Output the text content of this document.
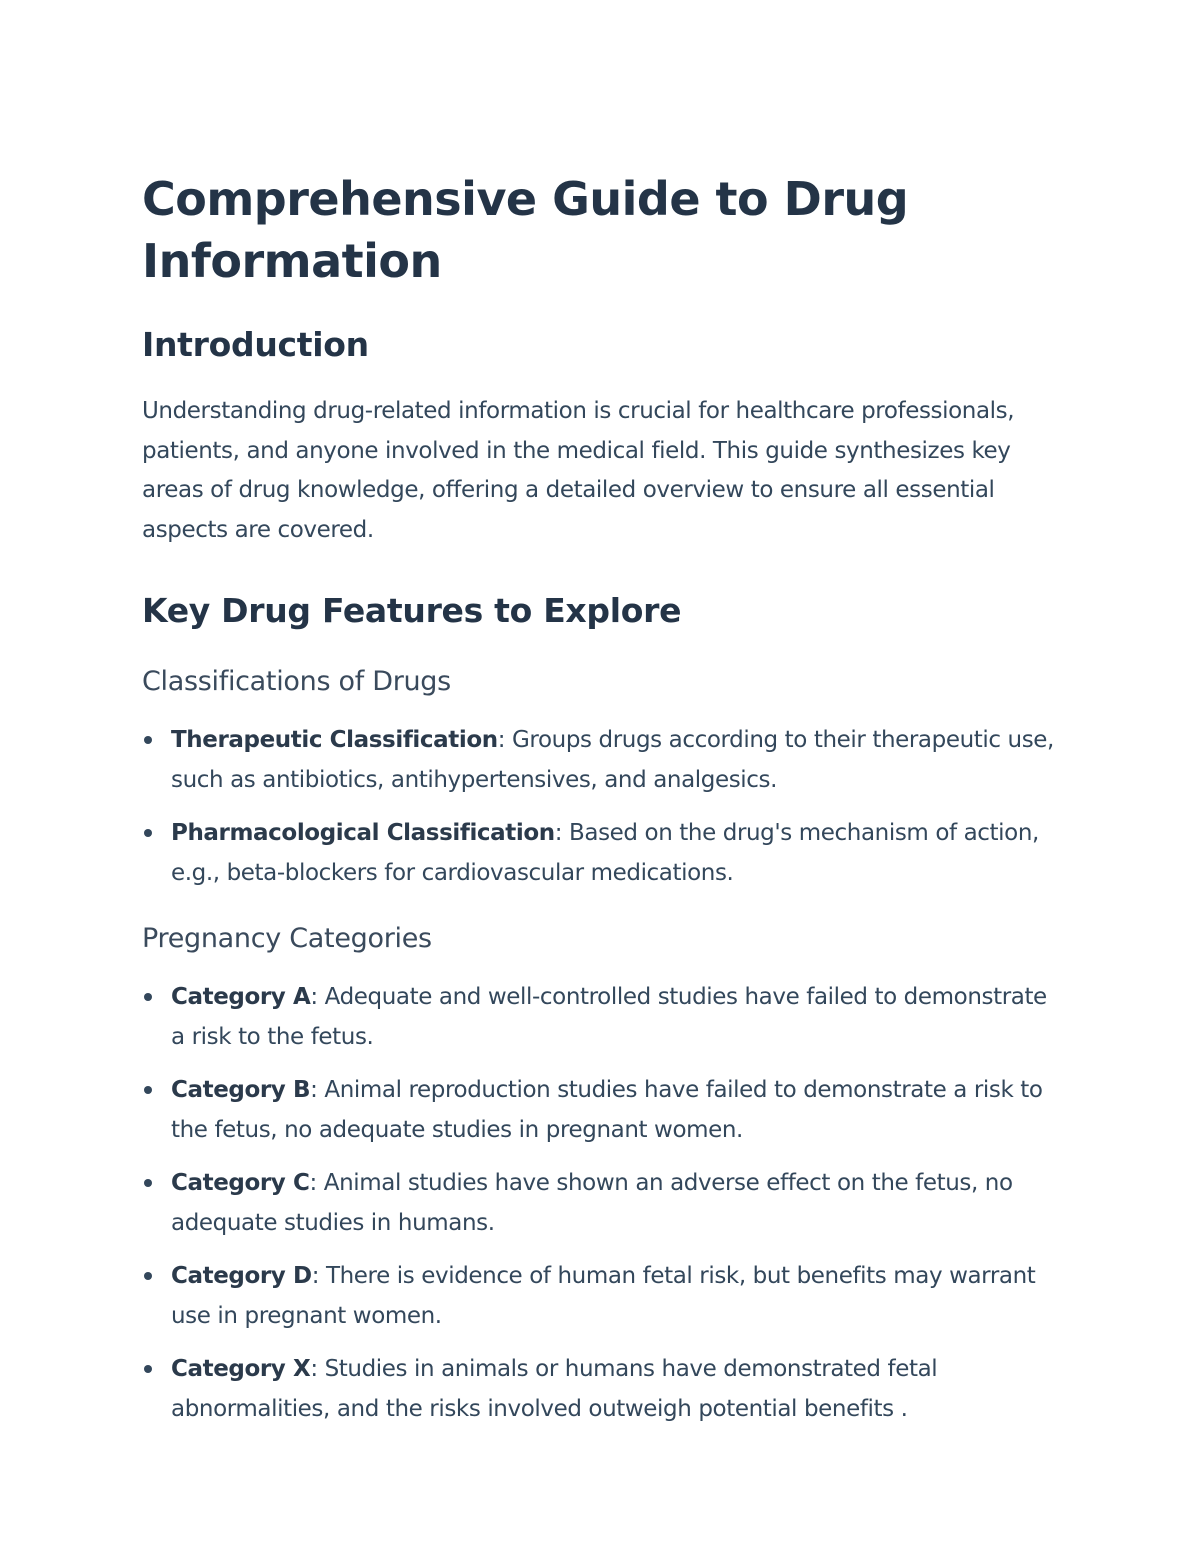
Comprehensive Guide to Drug Information
Introduction

Understanding drug-related information is crucial for healthcare professionals, patients, and anyone involved in the medical field. This guide synthesizes key areas of drug knowledge, offering a detailed overview to ensure all essential aspects are covered.

Key Drug Features to Explore
Classifications of Drugs
Therapeutic Classification: Groups drugs according to their therapeutic use, such as antibiotics, antihypertensives, and analgesics.
Pharmacological Classification: Based on the drug's mechanism of action, e.g., beta-blockers for cardiovascular medications.
Pregnancy Categories
Category A: Adequate and well-controlled studies have failed to demonstrate a risk to the fetus.
Category B: Animal reproduction studies have failed to demonstrate a risk to the fetus, no adequate studies in pregnant women.
Category C: Animal studies have shown an adverse effect on the fetus, no adequate studies in humans.
Category D: There is evidence of human fetal risk, but benefits may warrant use in pregnant women.
Category X: Studies in animals or humans have demonstrated fetal abnormalities, and the risks involved outweigh potential benefits .
